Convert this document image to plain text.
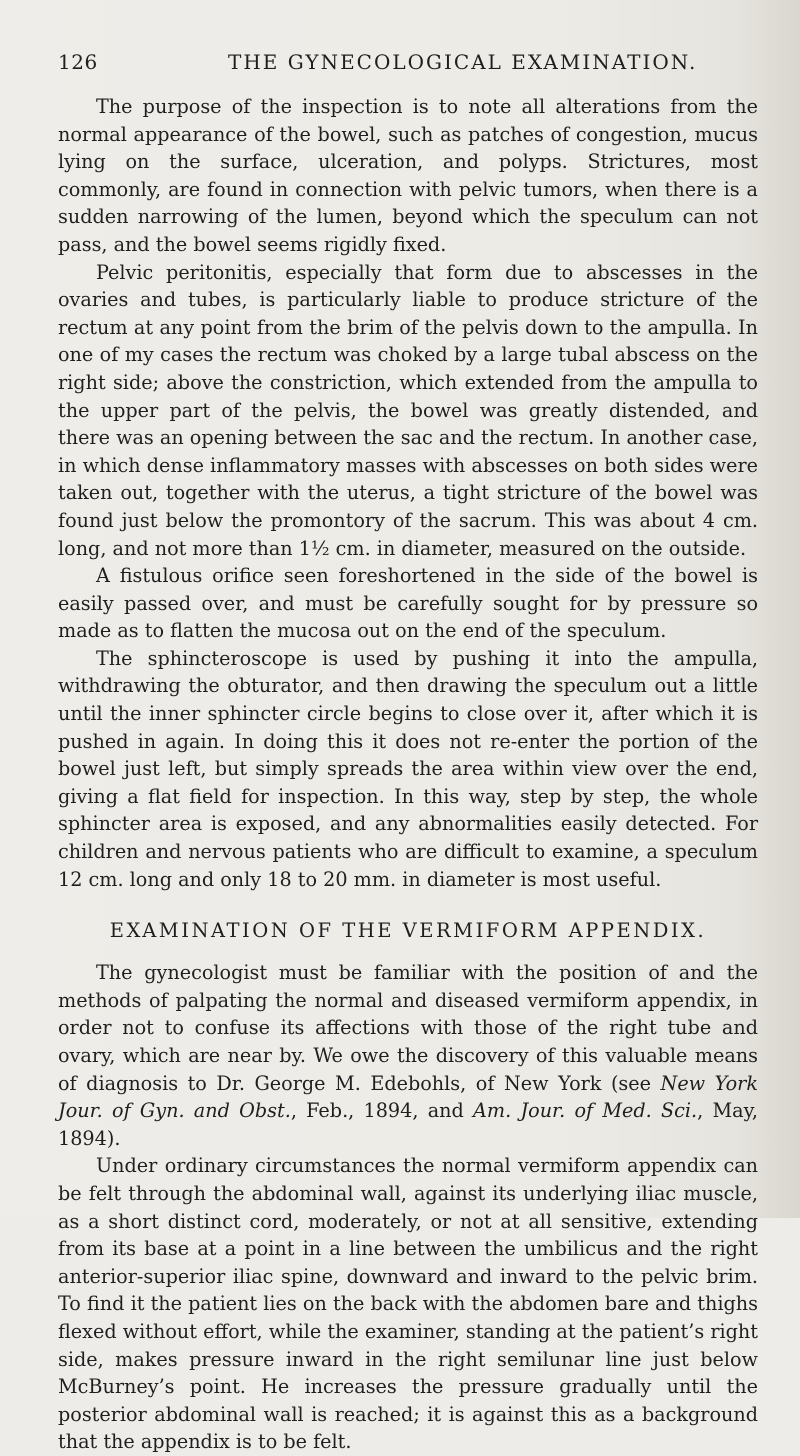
126	THE GYNECOLOGICAL EXAMINATION.

The purpose of the inspection is to note all alterations from the normal appearance of the bowel, such as patches of congestion, mucus lying on the surface, ulceration, and polyps. Strictures, most commonly, are found in connection with pelvic tumors, when there is a sudden narrowing of the lumen, beyond which the speculum can not pass, and the bowel seems rigidly fixed.

Pelvic peritonitis, especially that form due to abscesses in the ovaries and tubes, is particularly liable to produce stricture of the rectum at any point from the brim of the pelvis down to the ampulla. In one of my cases the rectum was choked by a large tubal abscess on the right side; above the constriction, which extended from the ampulla to the upper part of the pelvis, the bowel was greatly distended, and there was an opening between the sac and the rectum. In another case, in which dense inflammatory masses with abscesses on both sides were taken out, together with the uterus, a tight stricture of the bowel was found just below the promontory of the sacrum. This was about 4 cm. long, and not more than 1½ cm. in diameter, measured on the outside.

A fistulous orifice seen foreshortened in the side of the bowel is easily passed over, and must be carefully sought for by pressure so made as to flatten the mucosa out on the end of the speculum.

The sphincteroscope is used by pushing it into the ampulla, withdrawing the obturator, and then drawing the speculum out a little until the inner sphincter circle begins to close over it, after which it is pushed in again. In doing this it does not re-enter the portion of the bowel just left, but simply spreads the area within view over the end, giving a flat field for inspection. In this way, step by step, the whole sphincter area is exposed, and any abnormalities easily detected. For children and nervous patients who are difficult to examine, a speculum 12 cm. long and only 18 to 20 mm. in diameter is most useful.

EXAMINATION OF THE VERMIFORM APPENDIX.

The gynecologist must be familiar with the position of and the methods of palpating the normal and diseased vermiform appendix, in order not to confuse its affections with those of the right tube and ovary, which are near by. We owe the discovery of this valuable means of diagnosis to Dr. George M. Edebohls, of New York (see New York Jour. of Gyn. and Obst., Feb., 1894, and Am. Jour. of Med. Sci., May, 1894).

Under ordinary circumstances the normal vermiform appendix can be felt through the abdominal wall, against its underlying iliac muscle, as a short distinct cord, moderately, or not at all sensitive, extending from its base at a point in a line between the umbilicus and the right anterior-superior iliac spine, downward and inward to the pelvic brim. To find it the patient lies on the back with the abdomen bare and thighs flexed without effort, while the examiner, standing at the patient’s right side, makes pressure inward in the right semilunar line just below McBurney’s point. He increases the pressure gradually until the posterior abdominal wall is reached; it is against this as a background that the appendix is to be felt.
